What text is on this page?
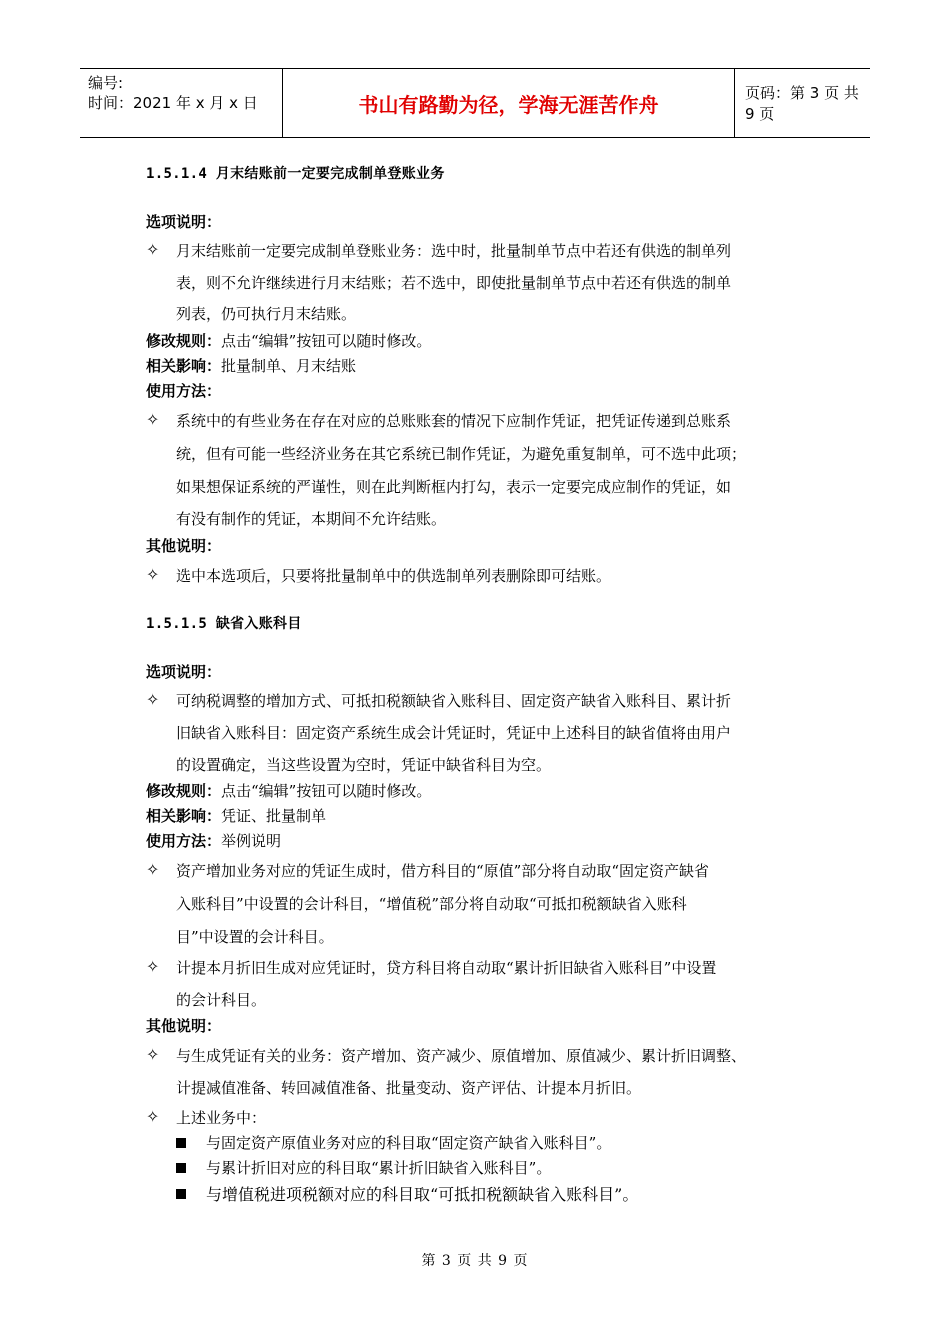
编号:
时间：2021 年 x 月 x 日	书山有路勤为径，学海无涯苦作舟	页码：第 3 页 共 9 页
1.5.1.4 月末结账前一定要完成制单登账业务
选项说明：
✧ 月末结账前一定要完成制单登账业务：选中时，批量制单节点中若还有供选的制单列
表，则不允许继续进行月末结账；若不选中，即使批量制单节点中若还有供选的制单
列表，仍可执行月末结账。
修改规则：点击“编辑”按钮可以随时修改。
相关影响：批量制单、月末结账
使用方法：
✧ 系统中的有些业务在存在对应的总账账套的情况下应制作凭证，把凭证传递到总账系
统，但有可能一些经济业务在其它系统已制作凭证，为避免重复制单，可不选中此项；
如果想保证系统的严谨性，则在此判断框内打勾，表示一定要完成应制作的凭证，如
有没有制作的凭证，本期间不允许结账。
其他说明：
✧ 选中本选项后，只要将批量制单中的供选制单列表删除即可结账。
1.5.1.5 缺省入账科目
选项说明：
✧ 可纳税调整的增加方式、可抵扣税额缺省入账科目、固定资产缺省入账科目、累计折
旧缺省入账科目：固定资产系统生成会计凭证时，凭证中上述科目的缺省值将由用户
的设置确定，当这些设置为空时，凭证中缺省科目为空。
修改规则：点击“编辑”按钮可以随时修改。
相关影响：凭证、批量制单
使用方法：举例说明
✧ 资产增加业务对应的凭证生成时，借方科目的“原值”部分将自动取“固定资产缺省
入账科目”中设置的会计科目，“增值税”部分将自动取“可抵扣税额缺省入账科
目”中设置的会计科目。
✧ 计提本月折旧生成对应凭证时，贷方科目将自动取“累计折旧缺省入账科目”中设置
的会计科目。
其他说明：
✧ 与生成凭证有关的业务：资产增加、资产减少、原值增加、原值减少、累计折旧调整、
计提减值准备、转回减值准备、批量变动、资产评估、计提本月折旧。
✧ 上述业务中：
与固定资产原值业务对应的科目取“固定资产缺省入账科目”。
与累计折旧对应的科目取“累计折旧缺省入账科目”。
与增值税进项税额对应的科目取“可抵扣税额缺省入账科目”。
第 3 页 共 9 页
